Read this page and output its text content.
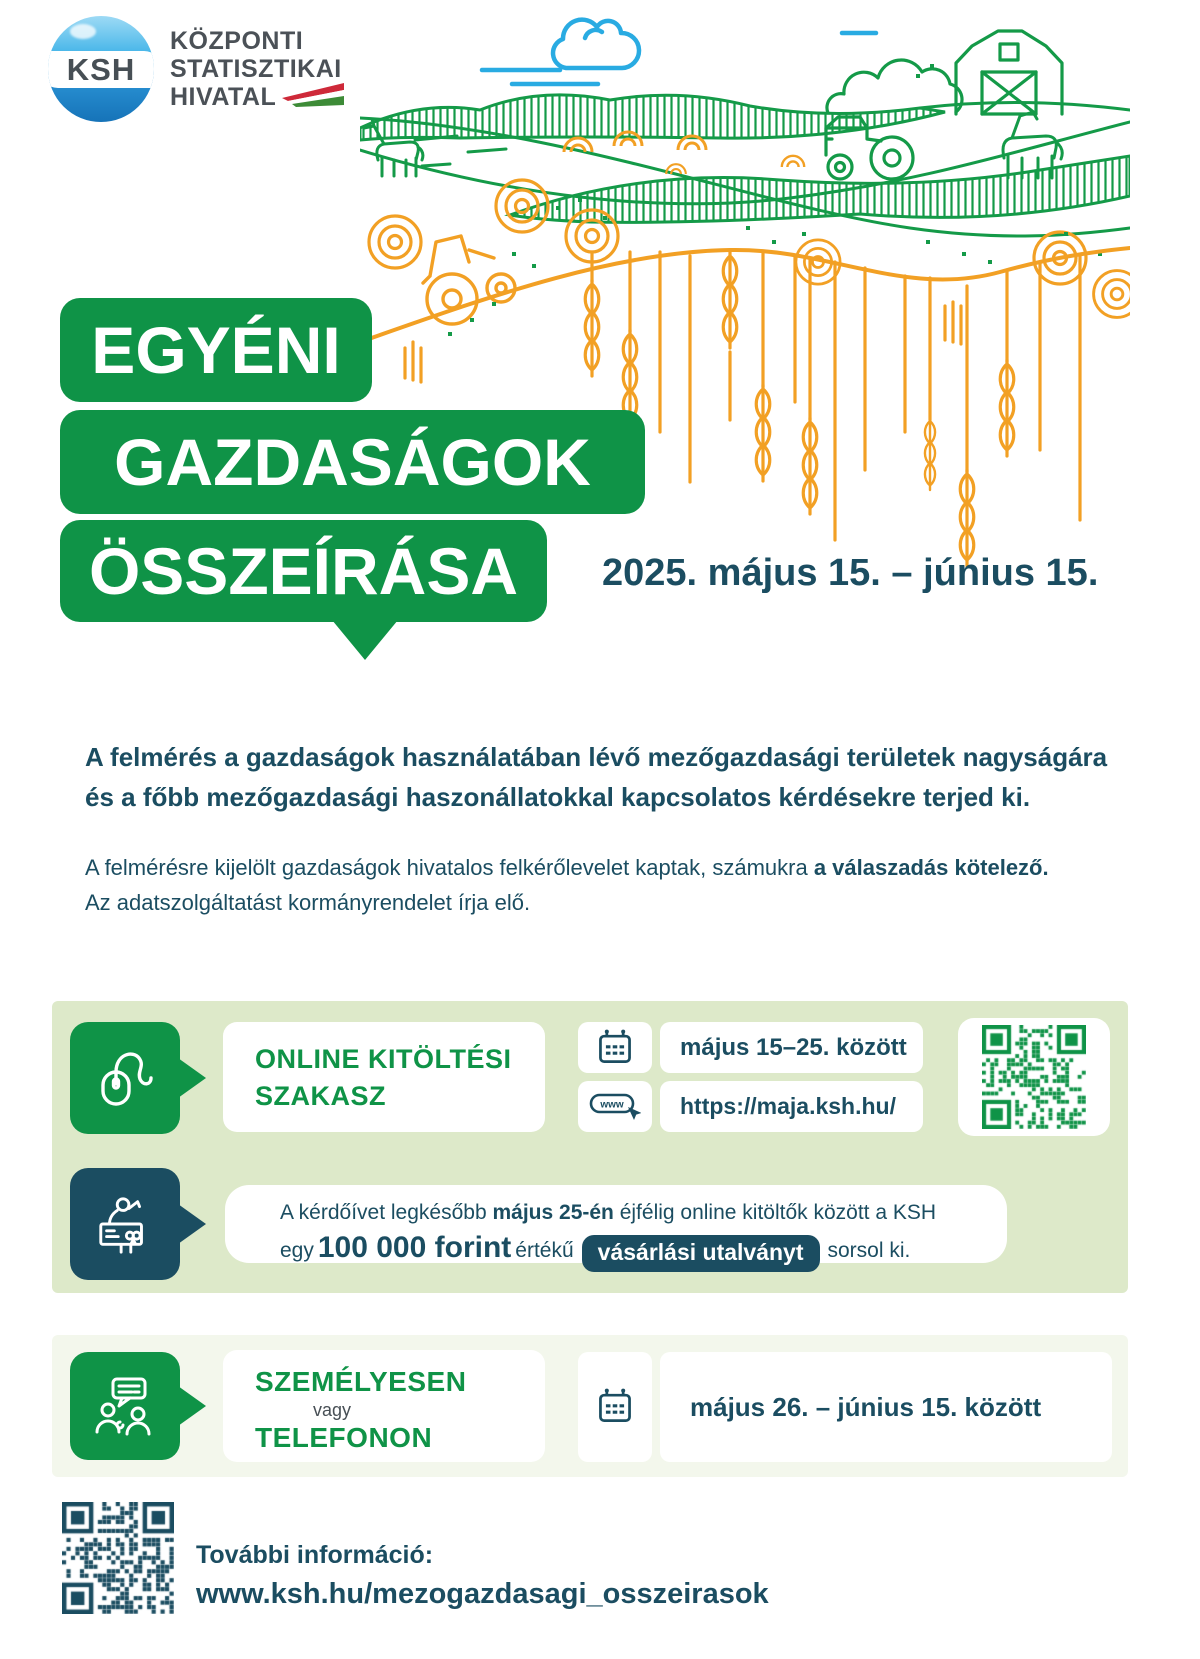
KSH
KÖZPONTI
STATISZTIKAI
HIVATAL
EGYÉNI
GAZDASÁGOK
ÖSSZEÍRÁSA	2025. május 15. – június 15.
A felmérés a gazdaságok használatában lévő mezőgazdasági területek nagyságára
és a főbb mezőgazdasági haszonállatokkal kapcsolatos kérdésekre terjed ki.
A felmérésre kijelölt gazdaságok hivatalos felkérőlevelet kaptak, számukra a válaszadás kötelező.
Az adatszolgáltatást kormányrendelet írja elő.
ONLINE KITÖLTÉSI
SZAKASZ
május 15–25. között
www https://maja.ksh.hu/
A kérdőívet legkésőbb május 25-én éjfélig online kitöltők között a KSH
egy 100 000 forint értékű	vásárlási utalványt	sorsol ki.
SZEMÉLYESEN
vagy
TELEFONON
május 26. – június 15. között
További információ:
www.ksh.hu/mezogazdasagi_osszeirasok
